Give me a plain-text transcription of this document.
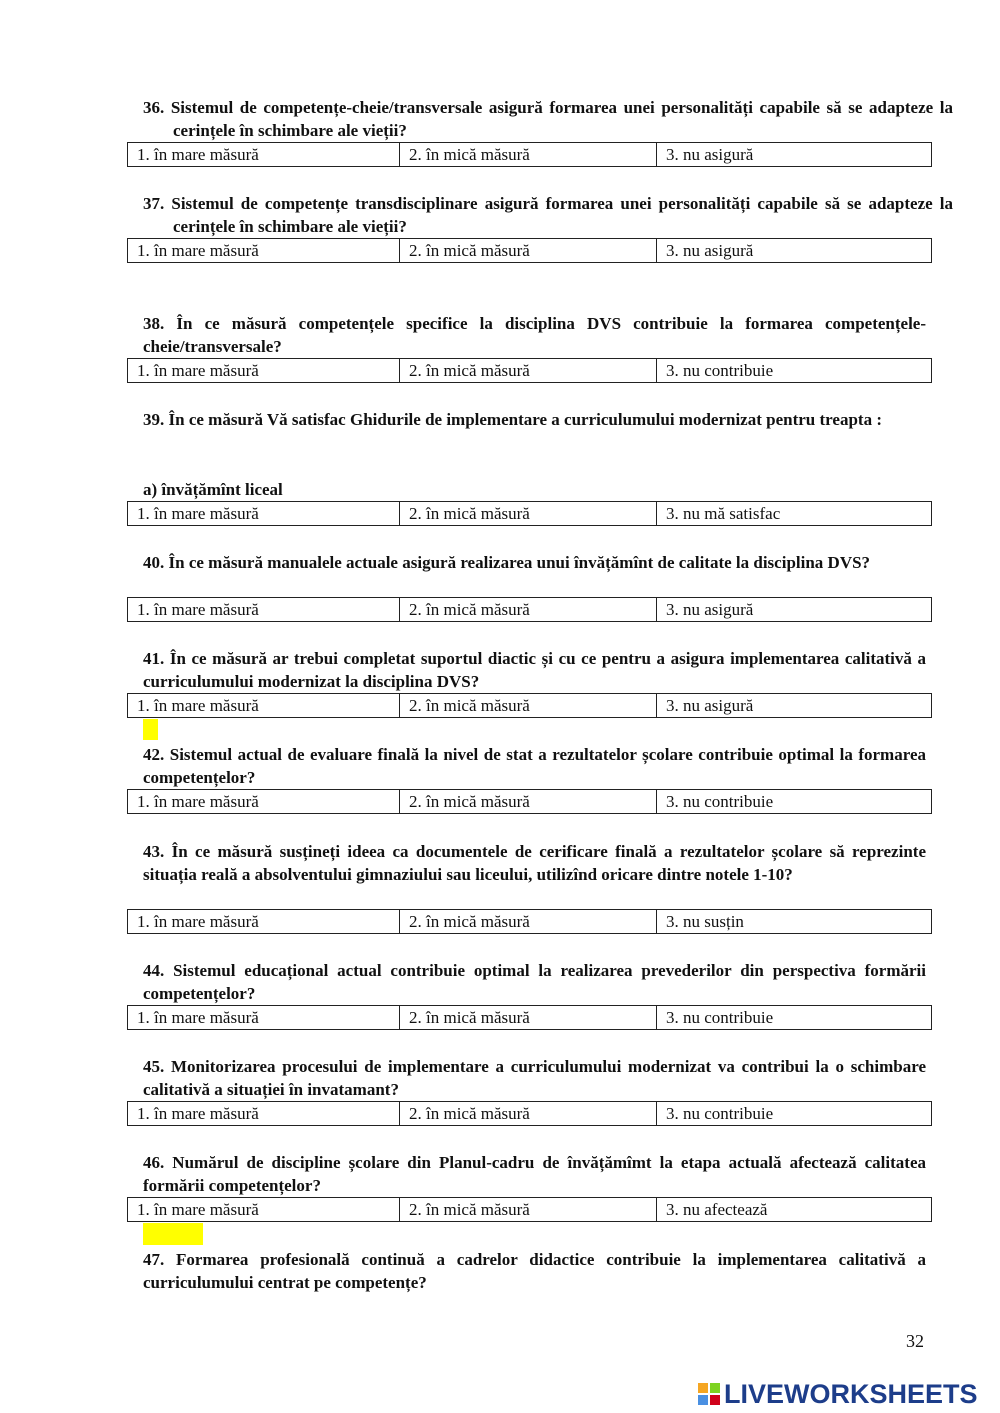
36. Sistemul de competențe-cheie/transversale asigură formarea unei personalități capabile să se adapteze la cerințele în schimbare ale vieții?

1. în mare măsură	2. în mică măsură	3. nu asigură

37. Sistemul de competențe transdisciplinare asigură formarea unei personalități capabile să se adapteze la cerințele în schimbare ale vieții?

1. în mare măsură	2. în mică măsură	3. nu asigură

38. În ce măsură competențele specifice la disciplina DVS contribuie la formarea competențele-cheie/transversale?

1. în mare măsură	2. în mică măsură	3. nu contribuie

39. În ce măsură Vă satisfac Ghidurile de implementare a curriculumului modernizat pentru treapta :

a) învățămînt liceal
1. în mare măsură	2. în mică măsură	3. nu mă satisfac

40. În ce măsură manualele actuale asigură realizarea unui învățămînt de calitate la disciplina DVS?

1. în mare măsură	2. în mică măsură	3. nu asigură

41. În ce măsură ar trebui completat suportul diactic și cu ce pentru a asigura implementarea calitativă a curriculumului modernizat la disciplina DVS?

1. în mare măsură	2. în mică măsură	3. nu asigură

42. Sistemul actual de evaluare finală la nivel de stat a rezultatelor școlare contribuie optimal la formarea competențelor?

1. în mare măsură	2. în mică măsură	3. nu contribuie

43. În ce măsură susțineți ideea ca documentele de cerificare finală a rezultatelor școlare să reprezinte situația reală a absolventului gimnaziului sau liceului, utilizînd oricare dintre notele 1-10?

1. în mare măsură	2. în mică măsură	3. nu susțin

44. Sistemul educațional actual contribuie optimal la realizarea prevederilor din perspectiva formării competențelor?

1. în mare măsură	2. în mică măsură	3. nu contribuie

45. Monitorizarea procesului de implementare a curriculumului modernizat va contribui la o schimbare calitativă a situației în invatamant?

1. în mare măsură	2. în mică măsură	3. nu contribuie

46. Numărul de discipline școlare din Planul-cadru de învățămîmt la etapa actuală afectează calitatea formării competențelor?

1. în mare măsură	2. în mică măsură	3. nu afectează

47. Formarea profesională continuă a cadrelor didactice contribuie la implementarea calitativă a curriculumului centrat pe competențe?

32
LIVEWORKSHEETS
